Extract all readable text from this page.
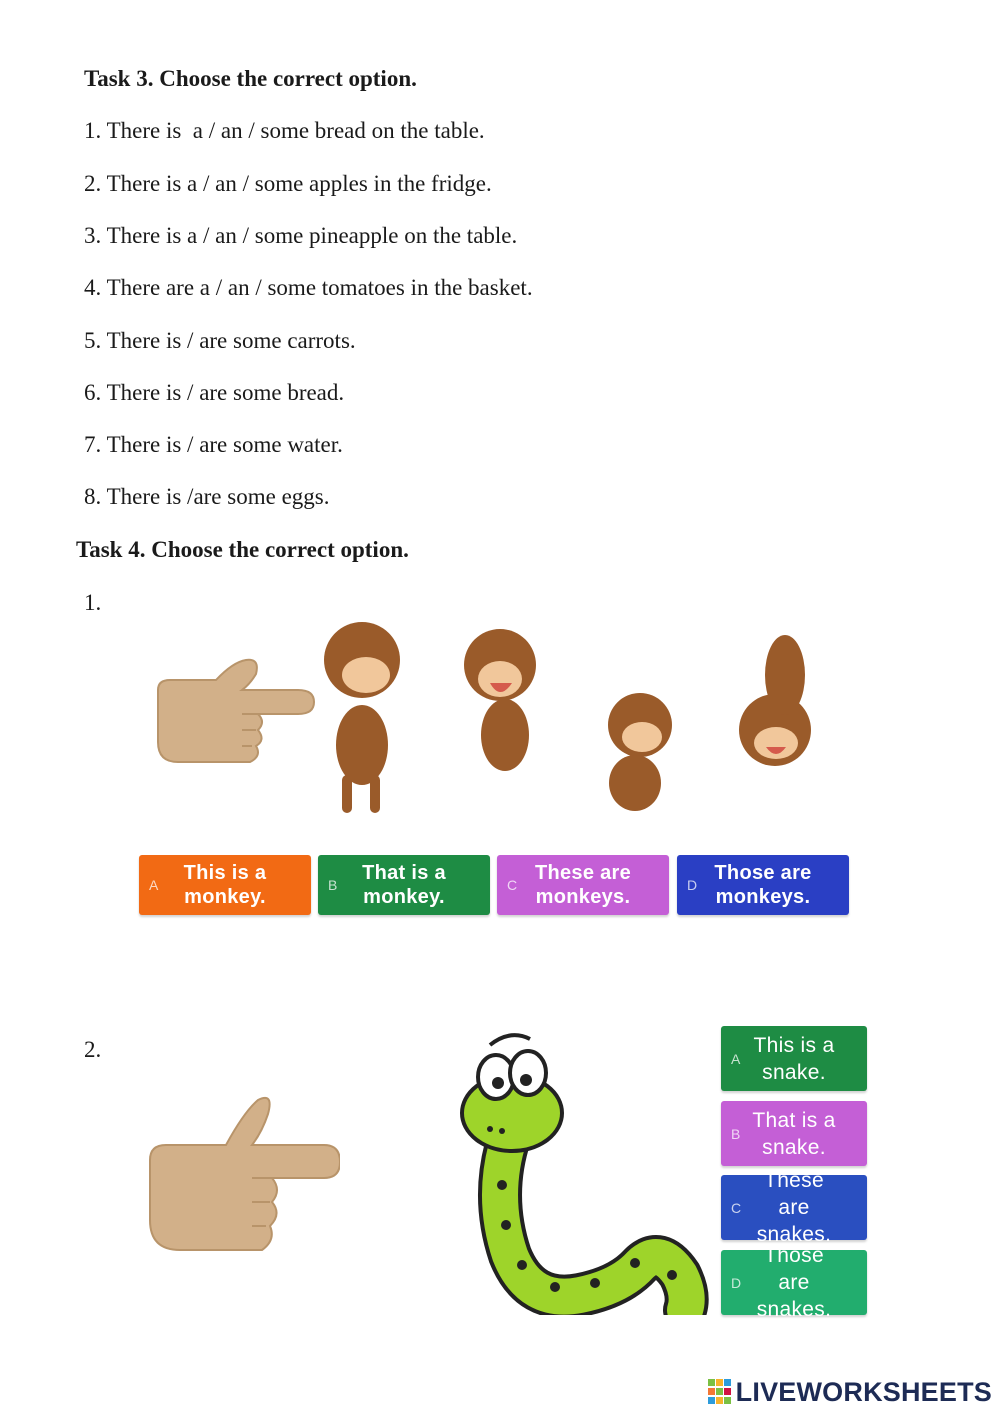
Task 3. Choose the correct option.
1. There is  a / an / some bread on the table.
2. There is a / an / some apples in the fridge.
3. There is a / an / some pineapple on the table.
4. There are a / an / some tomatoes in the basket.
5. There is / are some carrots.
6. There is / are some bread.
7. There is / are some water.
8. There is /are some eggs.
Task 4. Choose the correct option.
1.
A
This is a monkey.
B
That is a monkey.
C
These are monkeys.
D
Those are monkeys.
2.	A
This is a snake.
B
That is a snake.
C
These are snakes.
D
Those are snakes.
LIVEWORKSHEETS
